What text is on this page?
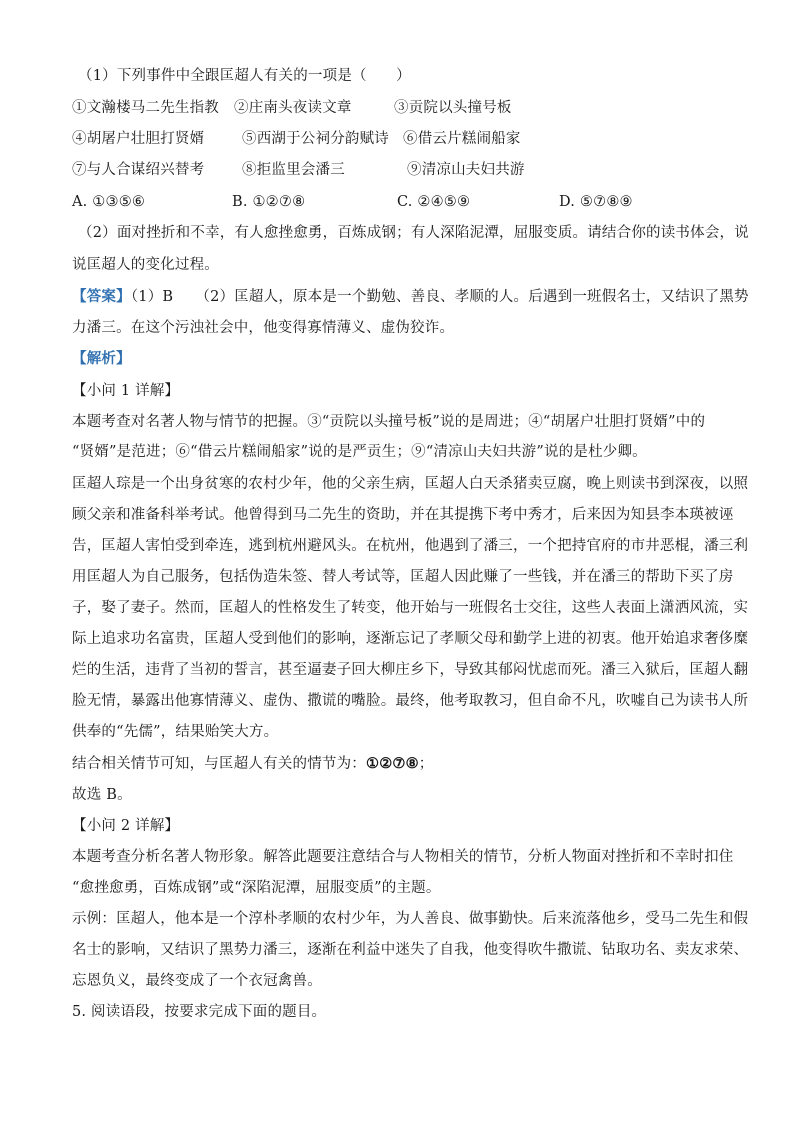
（1）下列事件中全跟匡超人有关的一项是（　　）
①文瀚楼马二先生指教	②庄南头夜读文章	③贡院以头撞号板
④胡屠户壮胆打贤婿	⑤西湖于公祠分韵赋诗 ⑥借云片糕闹船家
⑦与人合谋绍兴替考	⑧拒监里会潘三	⑨清凉山夫妇共游
A. ①③⑤⑥	B. ①②⑦⑧	C. ②④⑤⑨	D. ⑤⑦⑧⑨
（2）面对挫折和不幸，有人愈挫愈勇，百炼成钢；有人深陷泥潭，屈服变质。请结合你的读书体会，说
说匡超人的变化过程。
【答案】（1）B　　（2）匡超人，原本是一个勤勉、善良、孝顺的人。后遇到一班假名士，又结识了黑势
力潘三。在这个污浊社会中，他变得寡情薄义、虚伪狡诈。
【解析】
【小问 1 详解】
本题考查对名著人物与情节的把握。③“贡院以头撞号板”说的是周进；④“胡屠户壮胆打贤婿”中的
“贤婿”是范进；⑥“借云片糕闹船家”说的是严贡生；⑨“清凉山夫妇共游”说的是杜少卿。
匡超人琮是一个出身贫寒的农村少年，他的父亲生病，匡超人白天杀猪卖豆腐，晚上则读书到深夜，以照
顾父亲和准备科举考试。他曾得到马二先生的资助，并在其提携下考中秀才，后来因为知县李本瑛被诬
告，匡超人害怕受到牵连，逃到杭州避风头。在杭州，他遇到了潘三，一个把持官府的市井恶棍，潘三利
用匡超人为自己服务，包括伪造朱签、替人考试等，匡超人因此赚了一些钱，并在潘三的帮助下买了房
子，娶了妻子。然而，匡超人的性格发生了转变，他开始与一班假名士交往，这些人表面上潇洒风流，实
际上追求功名富贵，匡超人受到他们的影响，逐渐忘记了孝顺父母和勤学上进的初衷。他开始追求奢侈糜
烂的生活，违背了当初的誓言，甚至逼妻子回大柳庄乡下，导致其郁闷忧虑而死。潘三入狱后，匡超人翻
脸无情，暴露出他寡情薄义、虚伪、撒谎的嘴脸。最终，他考取教习，但自命不凡，吹嘘自己为读书人所
供奉的“先儒”，结果贻笑大方。
结合相关情节可知，与匡超人有关的情节为：①②⑦⑧；
故选 B。
【小问 2 详解】
本题考查分析名著人物形象。解答此题要注意结合与人物相关的情节，分析人物面对挫折和不幸时扣住
“愈挫愈勇，百炼成钢”或“深陷泥潭，屈服变质”的主题。
示例：匡超人，他本是一个淳朴孝顺的农村少年，为人善良、做事勤快。后来流落他乡，受马二先生和假
名士的影响，又结识了黑势力潘三，逐渐在利益中迷失了自我，他变得吹牛撒谎、钻取功名、卖友求荣、
忘恩负义，最终变成了一个衣冠禽兽。
5. 阅读语段，按要求完成下面的题目。
